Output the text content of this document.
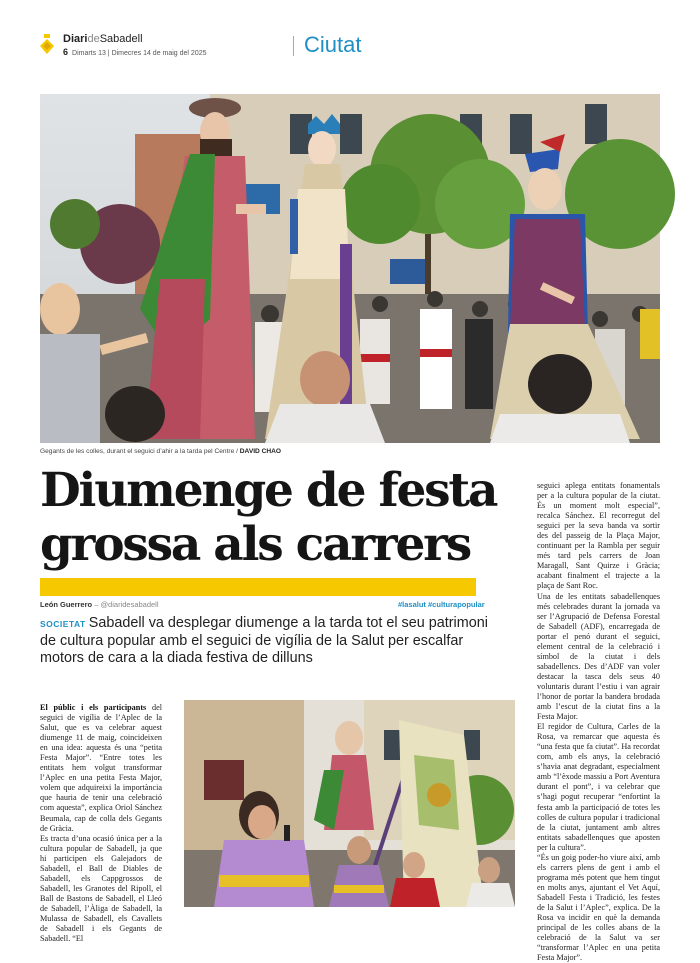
DiarideSabadell
6 Dimarts 13 | Dimecres 14 de maig del 2025	Ciutat
Gegants de les colles, durant el seguici d’ahir a la tarda pel Centre / DAVID CHAO
Diumenge de festa grossa als carrers
León Guerrero – @diaridesabadell	#lasalut #culturapopular
SOCIETAT Sabadell va desplegar diumenge a la tarda tot el seu patrimoni de cultura popular amb el seguici de vigília de la Salut per escalfar motors de cara a la diada festiva de dilluns

El públic i els participants del seguici de vigília de l’Aplec de la Salut, que es va celebrar aquest diumenge 11 de maig, coincideixen en una idea: aquesta és una “petita Festa Major”. “Entre totes les entitats hem volgut transformar l’Aplec en una petita Festa Major, volem que adquireixi la importància que hauria de tenir una celebració com aquesta”, explica Oriol Sánchez Beumala, cap de colla dels Gegants de Gràcia.

Es tracta d’una ocasió única per a la cultura popular de Sabadell, ja que hi participen els Galejadors de Sabadell, el Ball de Diables de Sabadell, els Cappgrossos de Sabadell, les Granotes del Ripoll, el Ball de Bastons de Sabadell, el Lleó de Sabadell, l’Àliga de Sabadell, la Mulassa de Sabadell, els Cavallets de Sabadell i els Gegants de Sabadell. “El

seguici aplega entitats fonamentals per a la cultura popular de la ciutat. És un moment molt especial”, recalca Sánchez. El recorregut del seguici per la seva banda va sortir des del passeig de la Plaça Major, continuant per la Rambla per seguir més tard pels carrers de Joan Maragall, Sant Quirze i Gràcia; acabant finalment el trajecte a la plaça de Sant Roc.

Una de les entitats sabadellenques més celebrades durant la jornada va ser l’Agrupació de Defensa Forestal de Sabadell (ADF), encarregada de portar el penó durant el seguici, element central de la celebració i símbol de la ciutat i dels sabadellencs. Des d’ADF van voler destacar la tasca dels seus 40 voluntaris durant l’estiu i van agrair l’honor de portar la bandera brodada amb l’escut de la ciutat fins a la Festa Major.

El regidor de Cultura, Carles de la Rosa, va remarcar que aquesta és “una festa que fa ciutat”. Ha recordat com, amb els anys, la celebració s’havia anat degradant, especialment amb “l’èxode massiu a Port Aventura durant el pont”, i va celebrar que s’hagi pogut recuperar “enfortint la festa amb la participació de totes les colles de cultura popular i tradicional de la ciutat, juntament amb altres entitats sabadellenques que aposten per la cultura”.

“És un goig poder-ho viure així, amb els carrers plens de gent i amb el programa més potent que hem tingut en molts anys, ajuntant el Vet Aquí, Sabadell Festa i Tradició, les festes de la Salut i l’Aplec”, explica. De la Rosa va incidir en què la demanda principal de les colles abans de la celebració de la Salut va ser “transformar l’Aplec en una petita Festa Major”.
